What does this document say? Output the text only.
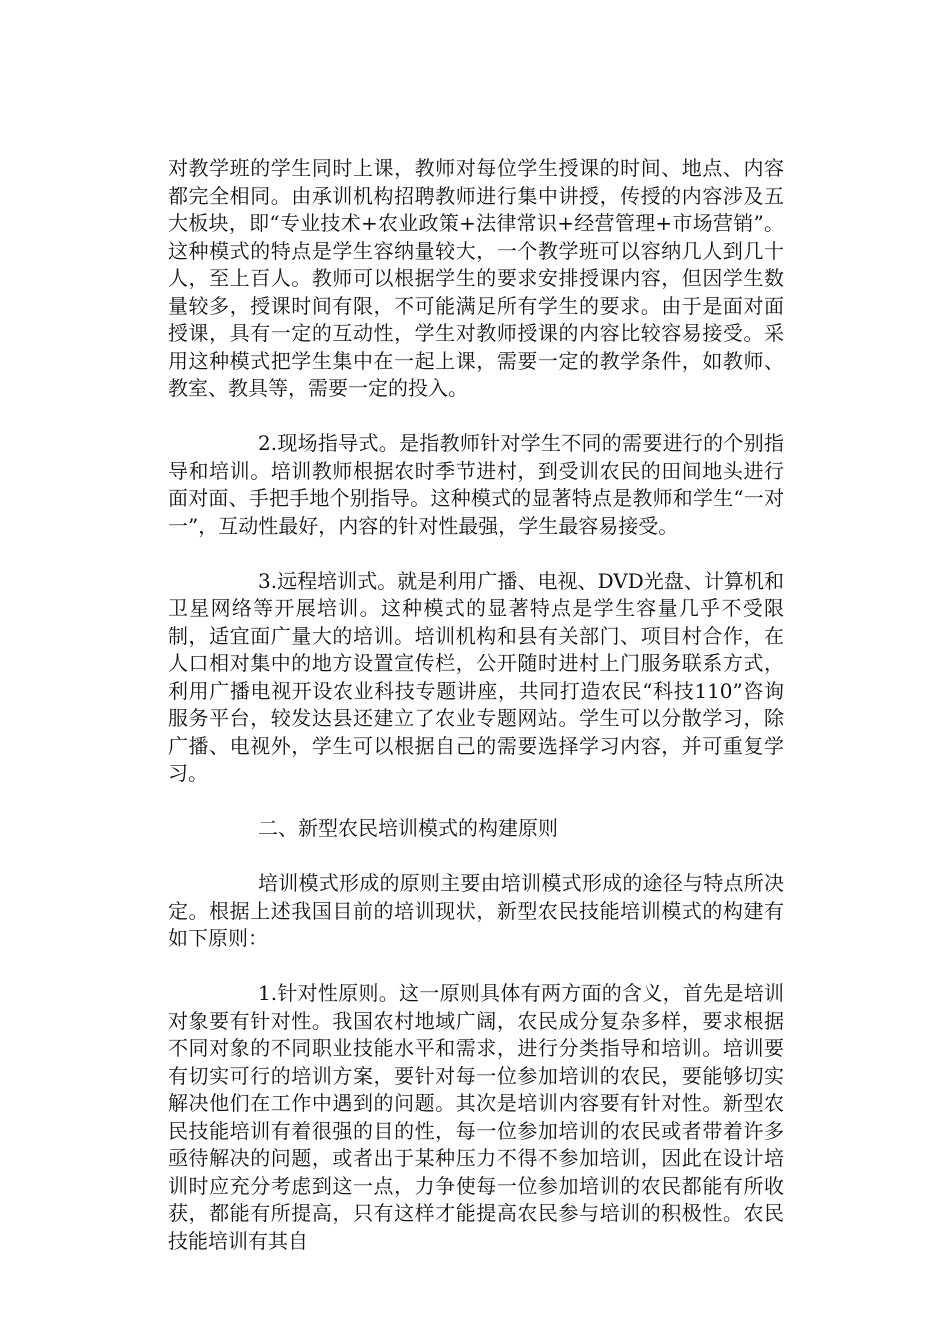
对教学班的学生同时上课，教师对每位学生授课的时间、地点、内容都完全相同。由承训机构招聘教师进行集中讲授，传授的内容涉及五大板块，即“专业技术+农业政策+法律常识+经营管理+市场营销”。这种模式的特点是学生容纳量较大，一个教学班可以容纳几人到几十人，至上百人。教师可以根据学生的要求安排授课内容，但因学生数量较多，授课时间有限，不可能满足所有学生的要求。由于是面对面授课，具有一定的互动性，学生对教师授课的内容比较容易接受。采用这种模式把学生集中在一起上课，需要一定的教学条件，如教师、教室、教具等，需要一定的投入。

2.现场指导式。是指教师针对学生不同的需要进行的个别指导和培训。培训教师根据农时季节进村，到受训农民的田间地头进行面对面、手把手地个别指导。这种模式的显著特点是教师和学生“一对一”，互动性最好，内容的针对性最强，学生最容易接受。

3.远程培训式。就是利用广播、电视、DVD光盘、计算机和卫星网络等开展培训。这种模式的显著特点是学生容量几乎不受限制，适宜面广量大的培训。培训机构和县有关部门、项目村合作，在人口相对集中的地方设置宣传栏，公开随时进村上门服务联系方式，利用广播电视开设农业科技专题讲座，共同打造农民“科技110”咨询服务平台，较发达县还建立了农业专题网站。学生可以分散学习，除广播、电视外，学生可以根据自己的需要选择学习内容，并可重复学习。

二、新型农民培训模式的构建原则

培训模式形成的原则主要由培训模式形成的途径与特点所决定。根据上述我国目前的培训现状，新型农民技能培训模式的构建有如下原则：

1.针对性原则。这一原则具体有两方面的含义，首先是培训对象要有针对性。我国农村地域广阔，农民成分复杂多样，要求根据不同对象的不同职业技能水平和需求，进行分类指导和培训。培训要有切实可行的培训方案，要针对每一位参加培训的农民，要能够切实解决他们在工作中遇到的问题。其次是培训内容要有针对性。新型农民技能培训有着很强的目的性，每一位参加培训的农民或者带着许多亟待解决的问题，或者出于某种压力不得不参加培训，因此在设计培训时应充分考虑到这一点，力争使每一位参加培训的农民都能有所收获，都能有所提高，只有这样才能提高农民参与培训的积极性。农民技能培训有其自
